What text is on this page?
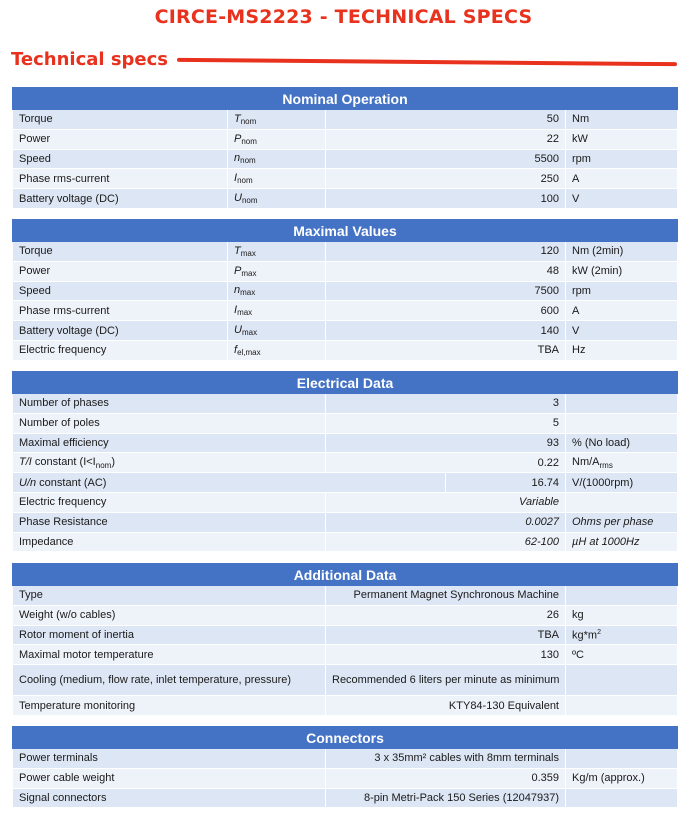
CIRCE-MS2223 - TECHNICAL SPECS
Technical specs
Nominal Operation			
Torque	$T_{nom}$	50	Nm
Power	$P_{nom}$	22	kW
Speed	$n_{nom}$	5500	rpm
Phase rms-current	$I_{nom}$	250	A
Battery voltage (DC)	$U_{nom}$	100	V
Maximal Values			
Torque	$T_{max}$	120	Nm (2min)
Power	$P_{max}$	48	kW (2min)
Speed	$n_{max}$	7500	rpm
Phase rms-current	$I_{max}$	600	A
Battery voltage (DC)	$U_{max}$	140	V
Electric frequency	$f_{el,max}$	TBA	Hz
Electrical Data			
Number of phases	3		
Number of poles	5		
Maximal efficiency	93		% (No load)
T/I constant $(I<I_{nom})$	0.22		$Nm/A_{rms}$
U/n constant (AC)		16.74	V/(1000rpm)
Electric frequency	Variable		
Phase Resistance	0.0027		Ohms per phase
Impedance	62-100		µH at 1000Hz
Additional Data		
Type	Permanent Magnet Synchronous Machine	
Weight (w/o cables)	26	kg
Rotor moment of inertia	TBA	$kg*m^2$
Maximal motor temperature	130	ºC
Cooling (medium, flow rate, inlet temperature, pressure)	Recommended 6 liters per minute as minimum	
Temperature monitoring	KTY84-130 Equivalent	
Connectors		
Power terminals	3 x 35mm² cables with 8mm terminals	
Power cable weight	0.359	Kg/m (approx.)
Signal connectors	8-pin Metri-Pack 150 Series (12047937)	
